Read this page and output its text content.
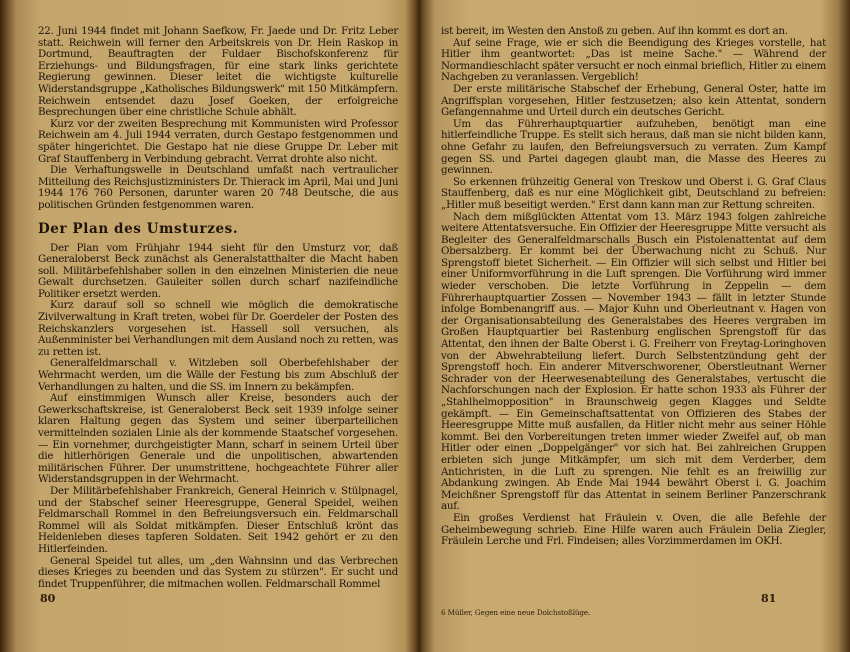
22. Juni 1944 findet mit Johann Saefkow, Fr. Jaede und Dr. Fritz Leber statt. Reichwein will ferner den Arbeitskreis von Dr. Hein Raskop in Dortmund, Beauftragten der Fuldaer Bischofskonferenz für Erziehungs- und Bildungsfragen, für eine stark links gerichtete Regierung gewinnen. Dieser leitet die wichtigste kulturelle Widerstandsgruppe „Katholisches Bildungswerk" mit 150 Mitkämpfern. Reichwein entsendet dazu Josef Goeken, der erfolgreiche Besprechungen über eine christliche Schule abhält.

Kurz vor der zweiten Besprechung mit Kommunisten wird Professor Reichwein am 4. Juli 1944 verraten, durch Gestapo festgenommen und später hingerichtet. Die Gestapo hat nie diese Gruppe Dr. Leber mit Graf Stauffenberg in Verbindung gebracht. Verrat drohte also nicht.

Die Verhaftungswelle in Deutschland umfaßt nach vertraulicher Mitteilung des Reichsjustizministers Dr. Thierack im April, Mai und Juni 1944 176 760 Personen, darunter waren 20 748 Deutsche, die aus politischen Gründen festgenommen waren.

Der Plan des Umsturzes.

Der Plan vom Frühjahr 1944 sieht für den Umsturz vor, daß Generaloberst Beck zunächst als Generalstatthalter die Macht haben soll. Militärbefehlshaber sollen in den einzelnen Ministerien die neue Gewalt durchsetzen. Gauleiter sollen durch scharf nazifeindliche Politiker ersetzt werden.

Kurz darauf soll so schnell wie möglich die demokratische Zivilverwaltung in Kraft treten, wobei für Dr. Goerdeler der Posten des Reichskanzlers vorgesehen ist. Hassell soll versuchen, als Außenminister bei Verhandlungen mit dem Ausland noch zu retten, was zu retten ist.

Generalfeldmarschall v. Witzleben soll Oberbefehlshaber der Wehrmacht werden, um die Wälle der Festung bis zum Abschluß der Verhandlungen zu halten, und die SS. im Innern zu bekämpfen.

Auf einstimmigen Wunsch aller Kreise, besonders auch der Gewerkschaftskreise, ist Generaloberst Beck seit 1939 infolge seiner klaren Haltung gegen das System und seiner überparteilichen vermittelnden sozialen Linie als der kommende Staatschef vorgesehen. — Ein vornehmer, durchgeistigter Mann, scharf in seinem Urteil über die hitlerhörigen Generale und die unpolitischen, abwartenden militärischen Führer. Der unumstrittene, hochgeachtete Führer aller Widerstandsgruppen in der Wehrmacht.

Der Militärbefehlshaber Frankreich, General Heinrich v. Stülpnagel, und der Stabschef seiner Heeresgruppe, General Speidel, weihen Feldmarschall Rommel in den Befreiungsversuch ein. Feldmarschall Rommel will als Soldat mitkämpfen. Dieser Entschluß krönt das Heldenleben dieses tapferen Soldaten. Seit 1942 gehört er zu den Hitlerfeinden.

General Speidel tut alles, um „den Wahnsinn und das Verbrechen dieses Krieges zu beenden und das System zu stürzen". Er sucht und findet Truppenführer, die mitmachen wollen. Feldmarschall Rommel

80

ist bereit, im Westen den Anstoß zu geben. Auf ihn kommt es dort an.

Auf seine Frage, wie er sich die Beendigung des Krieges vorstelle, hat Hitler ihm geantwortet: „Das ist meine Sache." — Während der Normandieschlacht später versucht er noch einmal brieflich, Hitler zu einem Nachgeben zu veranlassen. Vergeblich!

Der erste militärische Stabschef der Erhebung, General Oster, hatte im Angriffsplan vorgesehen, Hitler festzusetzen; also kein Attentat, sondern Gefangennahme und Urteil durch ein deutsches Gericht.

Um das Führerhauptquartier aufzuheben, benötigt man eine hitlerfeindliche Truppe. Es stellt sich heraus, daß man sie nicht bilden kann, ohne Gefahr zu laufen, den Befreiungsversuch zu verraten. Zum Kampf gegen SS. und Partei dagegen glaubt man, die Masse des Heeres zu gewinnen.

So erkennen frühzeitig General von Treskow und Oberst i. G. Graf Claus Stauffenberg, daß es nur eine Möglichkeit gibt, Deutschland zu befreien: „Hitler muß beseitigt werden." Erst dann kann man zur Rettung schreiten.

Nach dem mißglückten Attentat vom 13. März 1943 folgen zahlreiche weitere Attentatsversuche. Ein Offizier der Heeresgruppe Mitte versucht als Begleiter des Generalfeldmarschalls Busch ein Pistolenattentat auf dem Obersalzberg. Er kommt bei der Überwachung nicht zu Schuß. Nur Sprengstoff bietet Sicherheit. — Ein Offizier will sich selbst und Hitler bei einer Uniformvorführung in die Luft sprengen. Die Vorführung wird immer wieder verschoben. Die letzte Vorführung in Zeppelin — dem Führerhauptquartier Zossen — November 1943 — fällt in letzter Stunde infolge Bombenangriff aus. — Major Kuhn und Oberleutnant v. Hagen von der Organisationsabteilung des Generalstabes des Heeres vergraben im Großen Hauptquartier bei Rastenburg englischen Sprengstoff für das Attentat, den ihnen der Balte Oberst i. G. Freiherr von Freytag-Loringhoven von der Abwehrabteilung liefert. Durch Selbstentzündung geht der Sprengstoff hoch. Ein anderer Mitverschworener, Oberstleutnant Werner Schrader von der Heerwesenabteilung des Generalstabes, vertuscht die Nachforschungen nach der Explosion. Er hatte schon 1933 als Führer der „Stahlhelmopposition" in Braunschweig gegen Klagges und Seldte gekämpft. — Ein Gemeinschaftsattentat von Offizieren des Stabes der Heeresgruppe Mitte muß ausfallen, da Hitler nicht mehr aus seiner Höhle kommt. Bei den Vorbereitungen treten immer wieder Zweifel auf, ob man Hitler oder einen „Doppelgänger" vor sich hat. Bei zahlreichen Gruppen erbieten sich junge Mitkämpfer, um sich mit dem Verderber, dem Antichristen, in die Luft zu sprengen. Nie fehlt es an freiwillig zur Abdankung zwingen. Ab Ende Mai 1944 bewährt Oberst i. G. Joachim Meichßner Sprengstoff für das Attentat in seinem Berliner Panzerschrank auf.

Ein großes Verdienst hat Fräulein v. Oven, die alle Befehle der Geheimbewegung schrieb. Eine Hilfe waren auch Fräulein Delia Ziegler, Fräulein Lerche und Frl. Findeisen; alles Vorzimmerdamen im OKH.

6 Müller, Gegen eine neue Dolchstoßlüge.
81
